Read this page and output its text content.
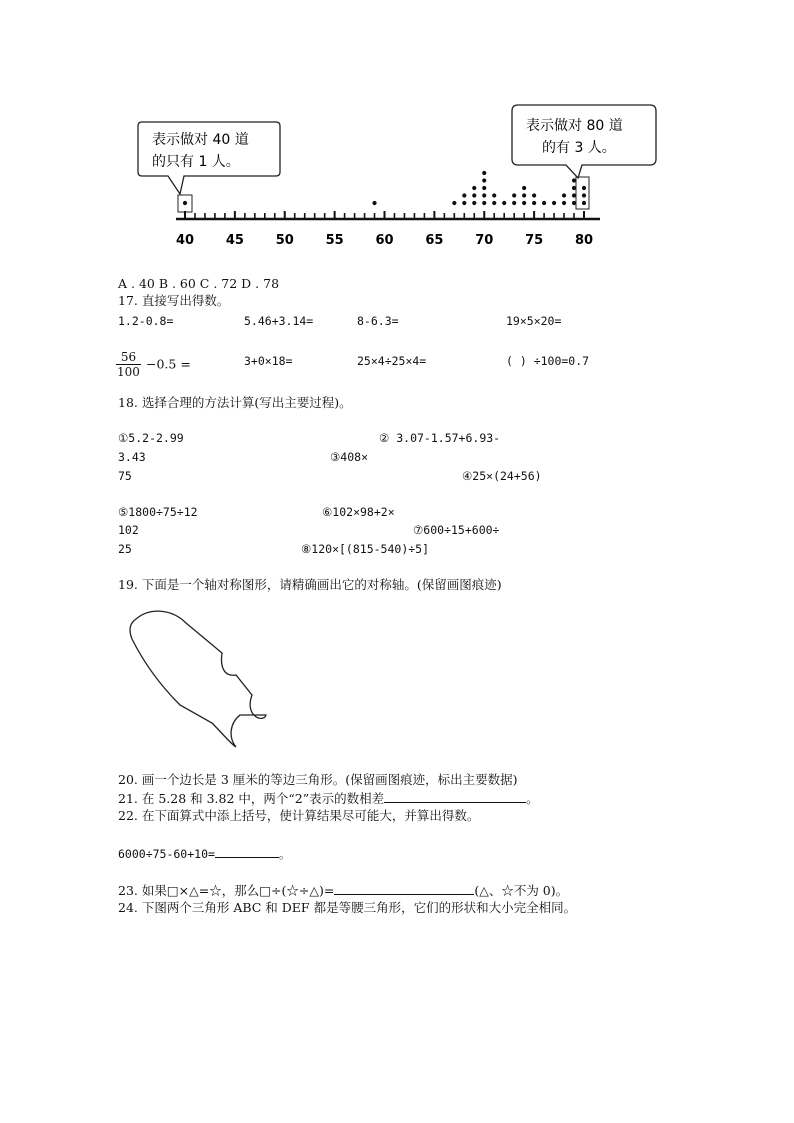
表示做对 40 道
的只有 1 人。
表示做对 80 道
的有 3 人。
40 45 50 55 60 65 70 75 80
A . 40 B . 60 C . 72 D . 78
17. 直接写出得数。
1.2-0.8=	5.46+3.14=	8-6.3=	19×5×20=
$\frac{56}{100} -0.5$ =	3+0×18=	25×4÷25×4=	( ) ÷100=0.7
18. 选择合理的方法计算(写出主要过程)。
①5.2-2.99	② 3.07-1.57+6.93-
3.43	③408×
75	④25×(24+56)
⑤1800÷75÷12	⑥102×98+2×
102	⑦600÷15+600÷
25	⑧120×[(815-540)÷5]
19. 下面是一个轴对称图形，请精确画出它的对称轴。(保留画图痕迹)
20. 画一个边长是 3 厘米的等边三角形。(保留画图痕迹，标出主要数据)
21. 在 5.28 和 3.82 中，两个“2”表示的数相差	。
22. 在下面算式中添上括号，使计算结果尽可能大，并算出得数。
6000÷75-60+10=	。
23. 如果□×△=☆，那么□÷(☆÷△)=	(△、☆不为 0)。
24. 下图两个三角形 ABC 和 DEF 都是等腰三角形，它们的形状和大小完全相同。
